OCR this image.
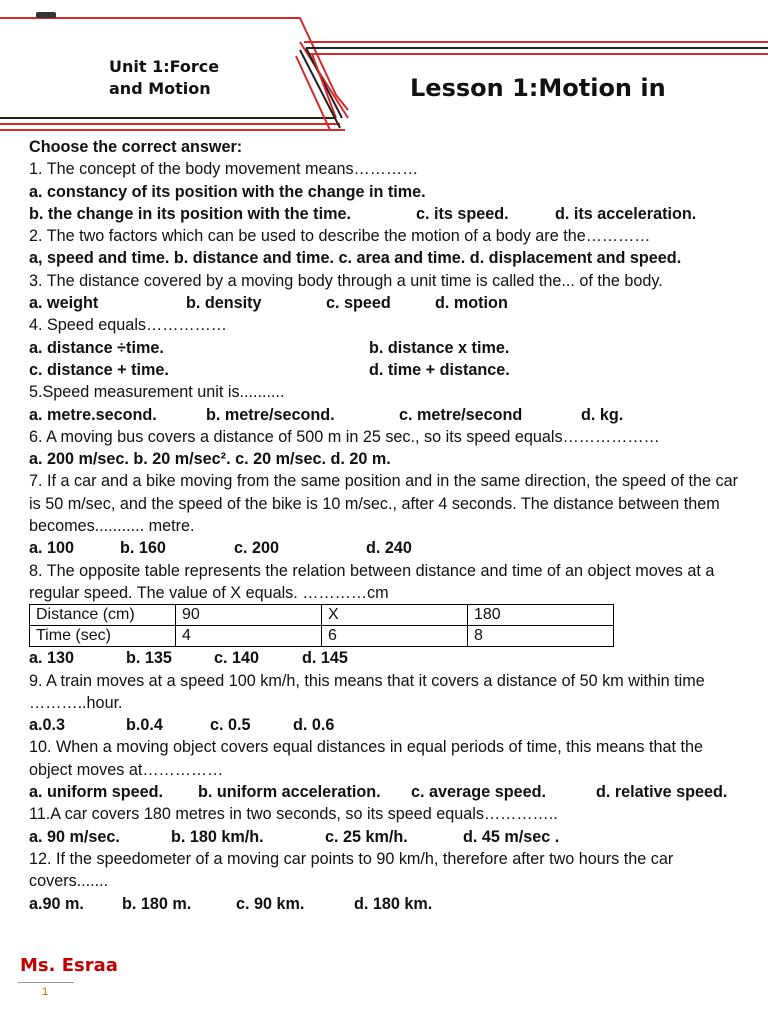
Unit 1:Force and Motion	Lesson 1:Motion in
Choose the correct answer:
1. The concept of the body movement means…………
a. constancy of its position with the change in time.
b. the change in its position with the time.	c. its speed.	d. its acceleration.
2. The two factors which can be used to describe the motion of a body are the…………
a, speed and time. b. distance and time. c. area and time. d. displacement and speed.
3. The distance covered by a moving body through a unit time is called the... of the body.
a. weight	b. density	c. speed	d. motion
4. Speed equals……………
a. distance ÷time.	b. distance x time.
c. distance + time.	d. time + distance.
5.Speed measurement unit is..........
a. metre.second.	b. metre/second.	c. metre/second	d. kg.
6. A moving bus covers a distance of 500 m in 25 sec., so its speed equals………………
a. 200 m/sec. b. 20 m/sec². c. 20 m/sec. d. 20 m.
7. If a car and a bike moving from the same position and in the same direction, the speed of the car is 50 m/sec, and the speed of the bike is 10 m/sec., after 4 seconds. The distance between them becomes........... metre.
a. 100	b. 160	c. 200	d. 240
8. The opposite table represents the relation between distance and time of an object moves at a regular speed. The value of X equals. …………cm
Distance (cm)	90	X	180
Time (sec)	4	6	8
a. 130	b. 135	c. 140	d. 145
9. A train moves at a speed 100 km/h, this means that it covers a distance of 50 km within time ………..hour.
a.0.3	b.0.4	c. 0.5	d. 0.6
10. When a moving object covers equal distances in equal periods of time, this means that the object moves at……………
a. uniform speed. b. uniform acceleration. c. average speed.	d. relative speed.
11.A car covers 180 metres in two seconds, so its speed equals…………..
a. 90 m/sec.	b. 180 km/h.	c. 25 km/h.	d. 45 m/sec .
12. If the speedometer of a moving car points to 90 km/h, therefore after two hours the car covers.......
a.90 m. b. 180 m.	c. 90 km.	d. 180 km.
Ms. Esraa
1
